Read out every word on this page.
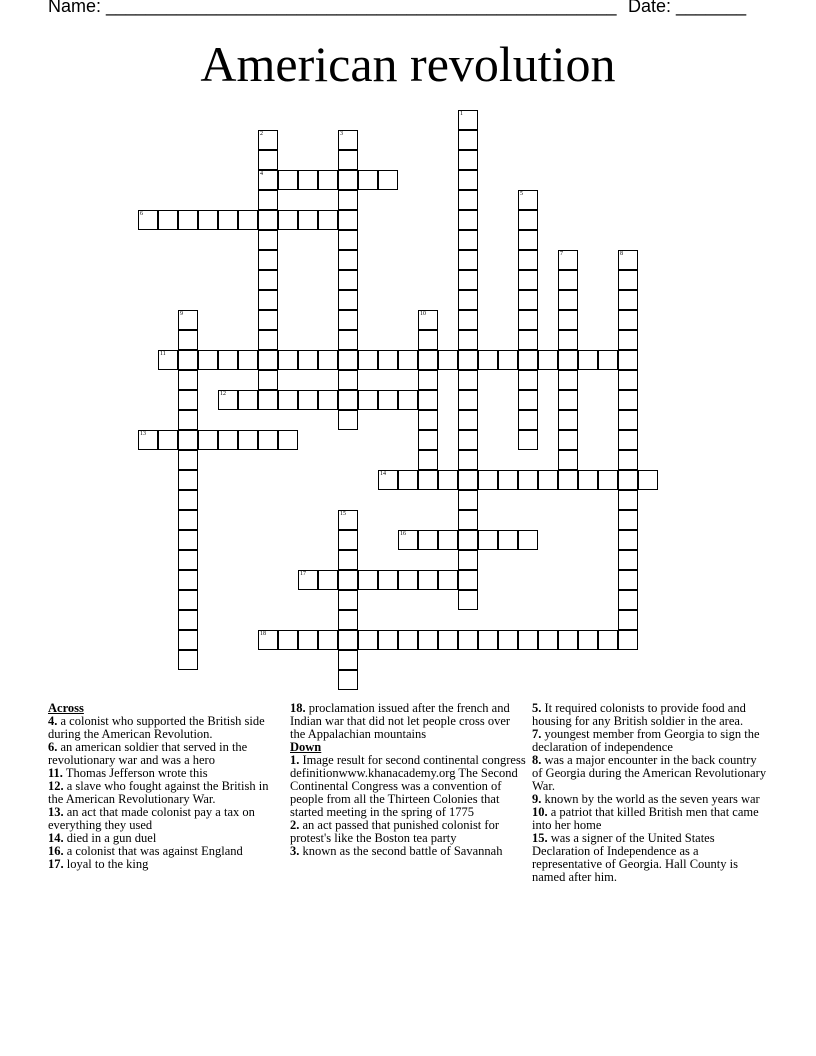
Name: ___________________________________________________ Date: _______
American revolution
1
2	3
4
5
6
7	8
9	10
11
12
13
14
15
16
17
18

Across

4. a colonist who supported the British side during the American Revolution.

6. an american soldier that served in the revolutionary war and was a hero

11. Thomas Jefferson wrote this

12. a slave who fought against the British in the American Revolutionary War.

13. an act that made colonist pay a tax on everything they used

14. died in a gun duel

16. a colonist that was against England

17. loyal to the king

18. proclamation issued after the french and Indian war that did not let people cross over the Appalachian mountains

Down

1. Image result for second continental congress definitionwww.khanacademy.org The Second Continental Congress was a convention of people from all the Thirteen Colonies that started meeting in the spring of 1775

2. an act passed that punished colonist for protest's like the Boston tea party

3. known as the second battle of Savannah

5. It required colonists to provide food and housing for any British soldier in the area.

7. youngest member from Georgia to sign the declaration of independence

8. was a major encounter in the back country of Georgia during the American Revolutionary War.

9. known by the world as the seven years war

10. a patriot that killed British men that came into her home

15. was a signer of the United States Declaration of Independence as a representative of Georgia. Hall County is named after him.
